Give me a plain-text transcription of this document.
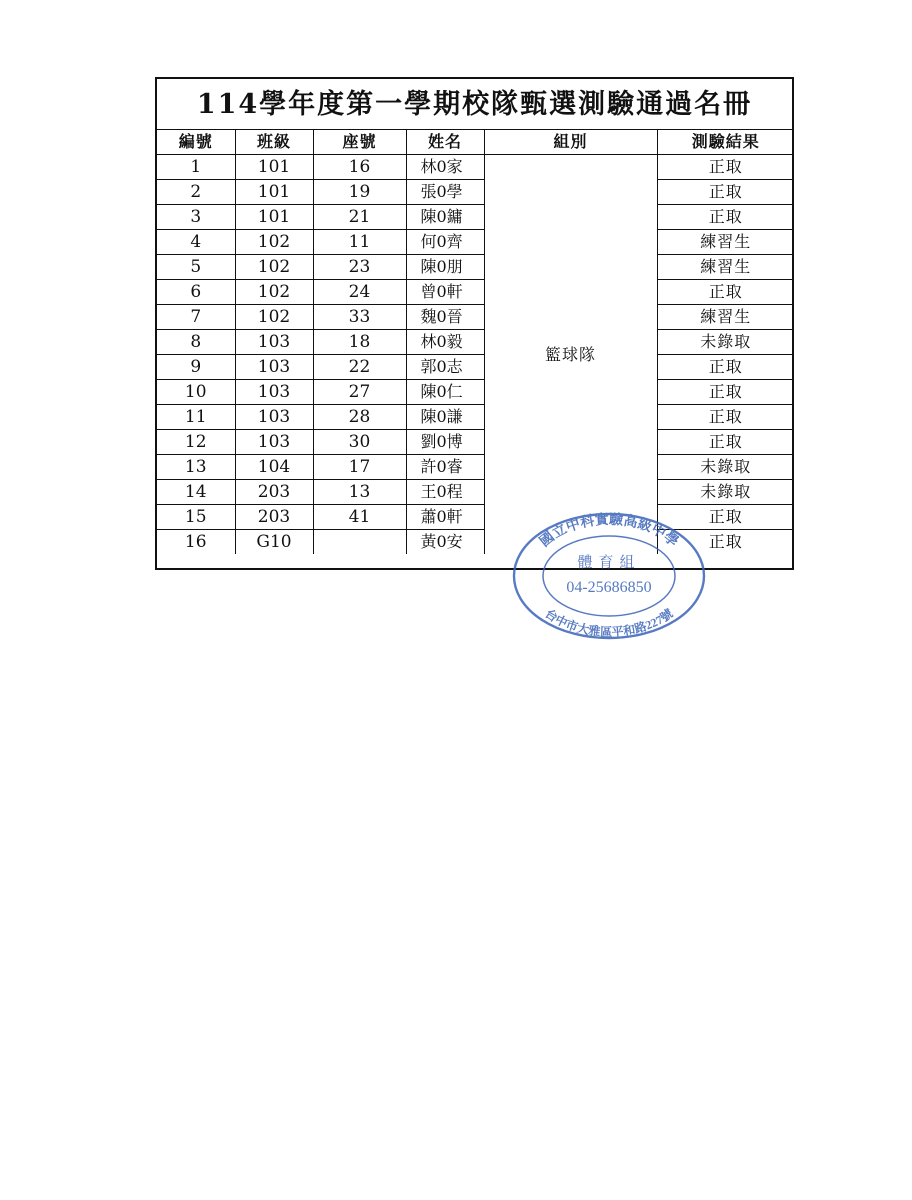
114學年度第一學期校隊甄選測驗通過名冊
編號	班級	座號	姓名	組別	測驗結果
1	101	16	林0家	籃球隊	正取
2	101	19	張0學		正取
3	101	21	陳0鏞		正取
4	102	11	何0齊		練習生
5	102	23	陳0朋		練習生
6	102	24	曾0軒		正取
7	102	33	魏0晉		練習生
8	103	18	林0毅		未錄取
9	103	22	郭0志		正取
10	103	27	陳0仁		正取
11	103	28	陳0謙		正取
12	103	30	劉0博		正取
13	104	17	許0睿		未錄取
14	203	13	王0程		未錄取
15	203	41	蕭0軒		正取
16	G10		黃0安		正取
國立中科實驗高級中學
台中市大雅區平和路227號
體育組
04-25686850
